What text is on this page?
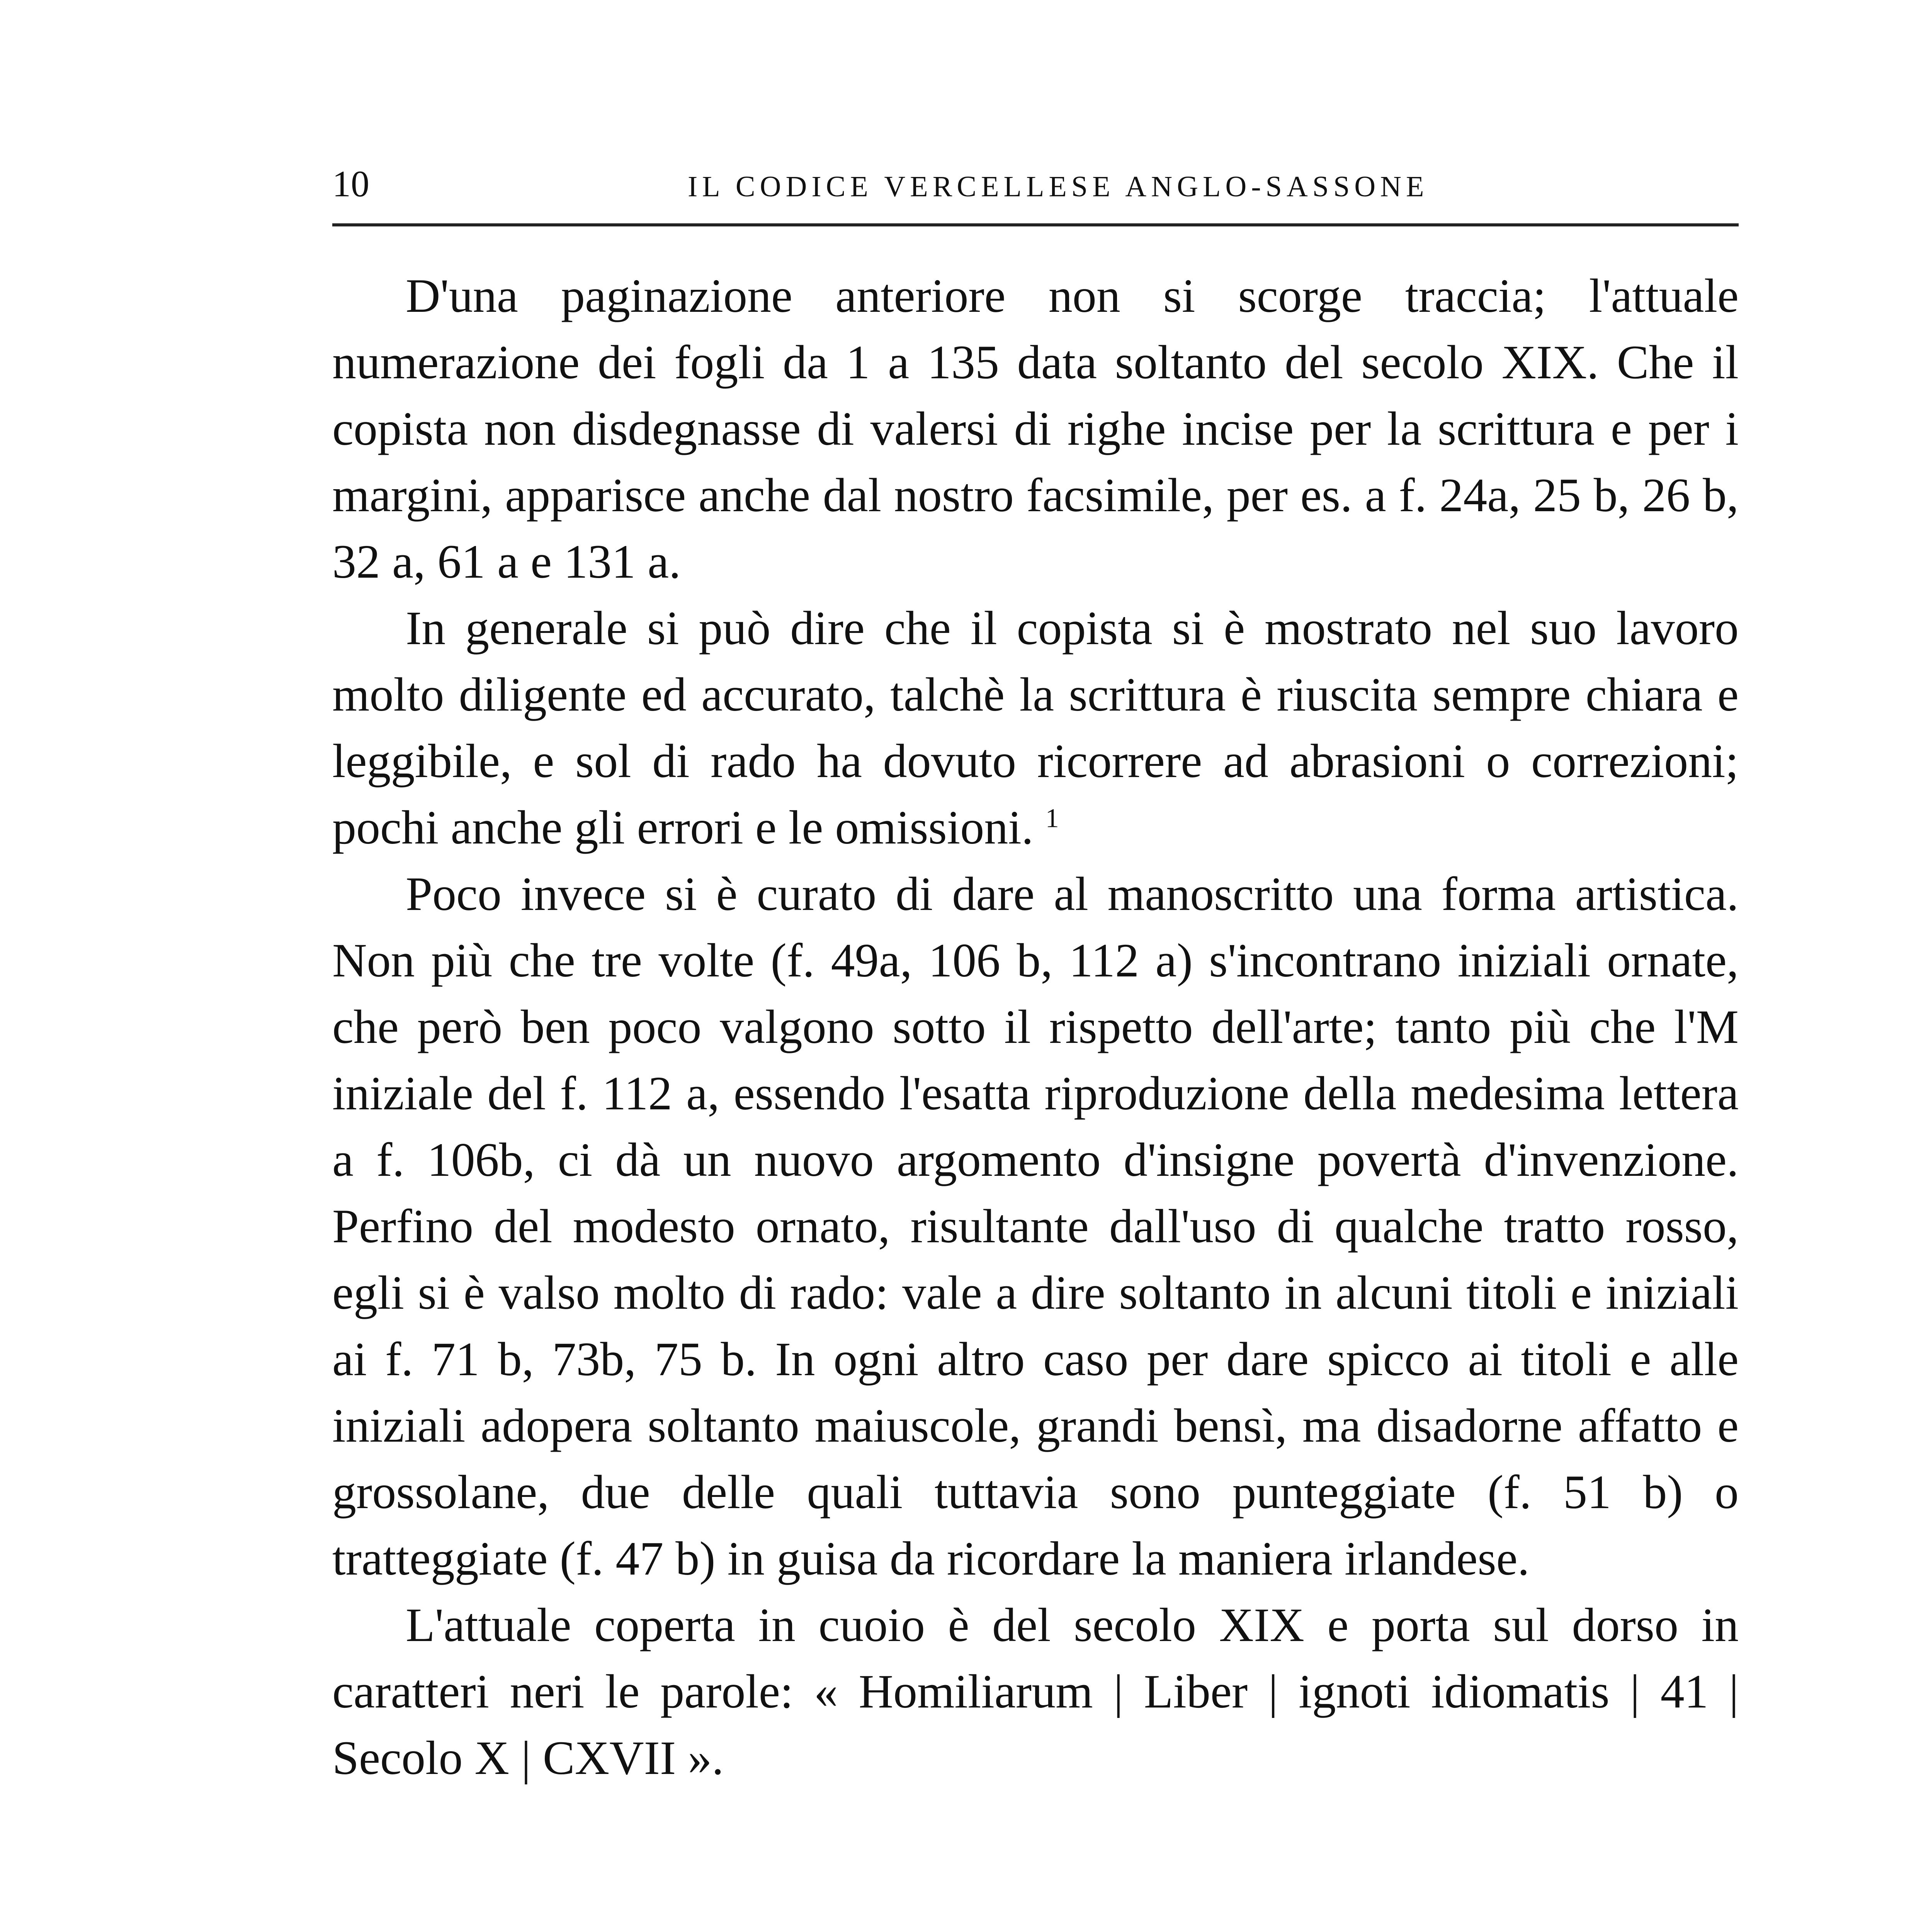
10	IL CODICE VERCELLESE ANGLO-SASSONE

D'una paginazione anteriore non si scorge traccia; l'attuale numerazione dei fogli da 1 a 135 data soltanto del secolo XIX. Che il copista non disdegnasse di valersi di righe incise per la scrittura e per i margini, apparisce anche dal nostro facsimile, per es. a f. 24a, 25 b, 26 b, 32 a, 61 a e 131 a.

In generale si può dire che il copista si è mostrato nel suo lavoro molto diligente ed accurato, talchè la scrittura è riuscita sempre chiara e leggibile, e sol di rado ha dovuto ricorrere ad abrasioni o correzioni; pochi anche gli errori e le omissioni. $^1$

Poco invece si è curato di dare al manoscritto una forma artistica. Non più che tre volte (f. 49a, 106 b, 112 a) s'incontrano iniziali ornate, che però ben poco valgono sotto il rispetto dell'arte; tanto più che l'M iniziale del f. 112 a, essendo l'esatta riproduzione della medesima lettera a f. 106b, ci dà un nuovo argomento d'insigne povertà d'invenzione. Perfino del modesto ornato, risultante dall'uso di qualche tratto rosso, egli si è valso molto di rado: vale a dire soltanto in alcuni titoli e iniziali ai f. 71 b, 73b, 75 b. In ogni altro caso per dare spicco ai titoli e alle iniziali adopera soltanto maiuscole, grandi bensì, ma disadorne affatto e grossolane, due delle quali tuttavia sono punteggiate (f. 51 b) o tratteggiate (f. 47 b) in guisa da ricordare la maniera irlandese.

L'attuale coperta in cuoio è del secolo XIX e porta sul dorso in caratteri neri le parole: « Homiliarum | Liber | ignoti idiomatis | 41 | Secolo X | CXVII ».
